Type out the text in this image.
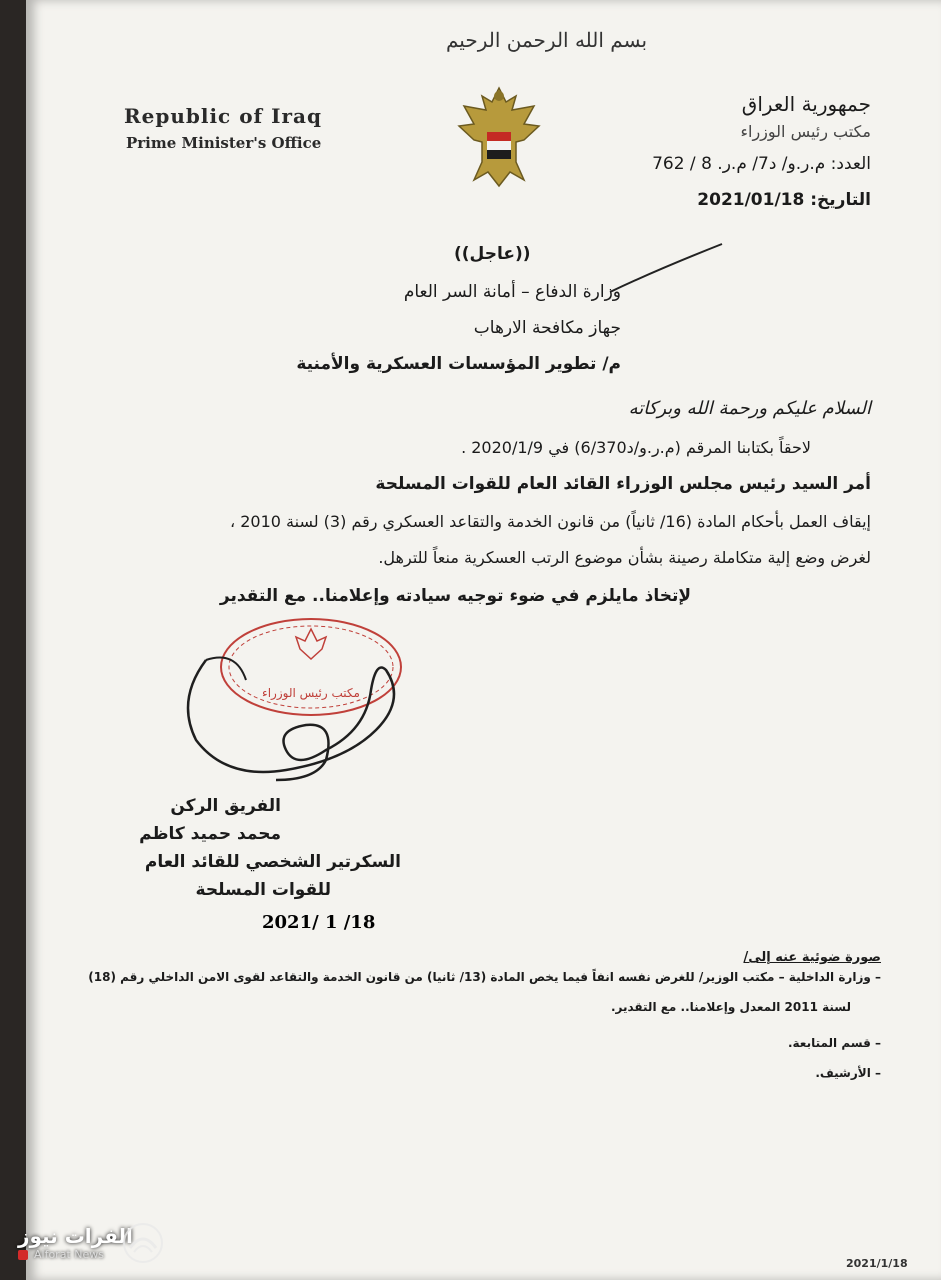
بسم الله الرحمن الرحيم
Republic of Iraq
Prime Minister's Office
جمهورية العراق
مكتب رئيس الوزراء
العدد: م.ر.و/ د7/ م.ر. 8 / 762
التاريخ: 2021/01/18
((عاجل))
وزارة الدفاع – أمانة السر العام
جهاز مكافحة الارهاب
م/ تطوير المؤسسات العسكرية والأمنية
السلام عليكم ورحمة الله وبركاته
لاحقاً بكتابنا المرقم (م.ر.و/د6/370) في 2020/1/9 .
أمر السيد رئيس مجلس الوزراء القائد العام للقوات المسلحة
إيقاف العمل بأحكام المادة (16/ ثانياً) من قانون الخدمة والتقاعد العسكري رقم (3) لسنة 2010 ،
لغرض وضع إلية متكاملة رصينة بشأن موضوع الرتب العسكرية منعاً للترهل.
لإتخاذ مايلزم في ضوء توجيه سيادته وإعلامنا.. مع التقدير
مكتب رئيس الوزراء
الفريق الركن
محمد حميد كاظم
السكرتير الشخصي للقائد العام
للقوات المسلحة
2021/ 1 /18
صورة ضوئية عنه إلى/
– وزارة الداخلية – مكتب الوزير/ للغرض نفسه انفاً فيما يخص المادة (13/ ثانيا) من قانون الخدمة والتقاعد لقوى الامن الداخلي رقم (18)
لسنة 2011 المعدل وإعلامنا.. مع التقدير.
– قسم المتابعة.
– الأرشيف.
2021/1/18
الفرات نيوز
Alforat News
